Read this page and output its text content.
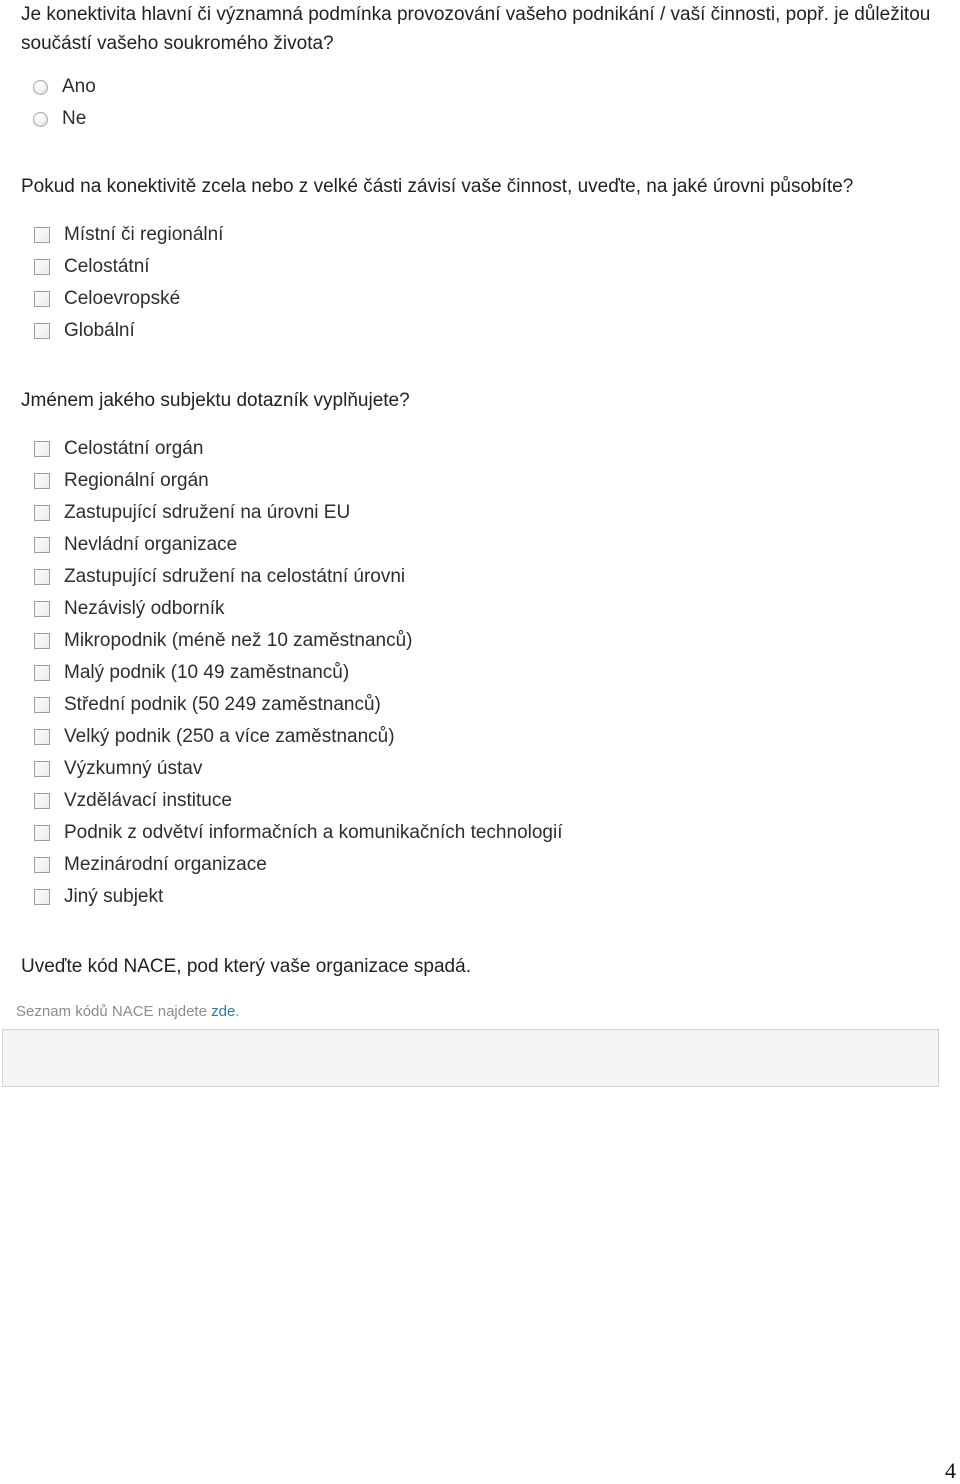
Je konektivita hlavní či významná podmínka provozování vašeho podnikání / vaší činnosti, popř. je důležitou součástí vašeho soukromého života?

Ano
Ne

Pokud na konektivitě zcela nebo z velké části závisí vaše činnost, uveďte, na jaké úrovni působíte?

Místní či regionální
Celostátní
Celoevropské
Globální

Jménem jakého subjektu dotazník vyplňujete?

Celostátní orgán
Regionální orgán
Zastupující sdružení na úrovni EU
Nevládní organizace
Zastupující sdružení na celostátní úrovni
Nezávislý odborník
Mikropodnik (méně než 10 zaměstnanců)
Malý podnik (10 49 zaměstnanců)
Střední podnik (50 249 zaměstnanců)
Velký podnik (250 a více zaměstnanců)
Výzkumný ústav
Vzdělávací instituce
Podnik z odvětví informačních a komunikačních technologií
Mezinárodní organizace
Jiný subjekt

Uveďte kód NACE, pod který vaše organizace spadá.

Seznam kódů NACE najdete zde.

4
